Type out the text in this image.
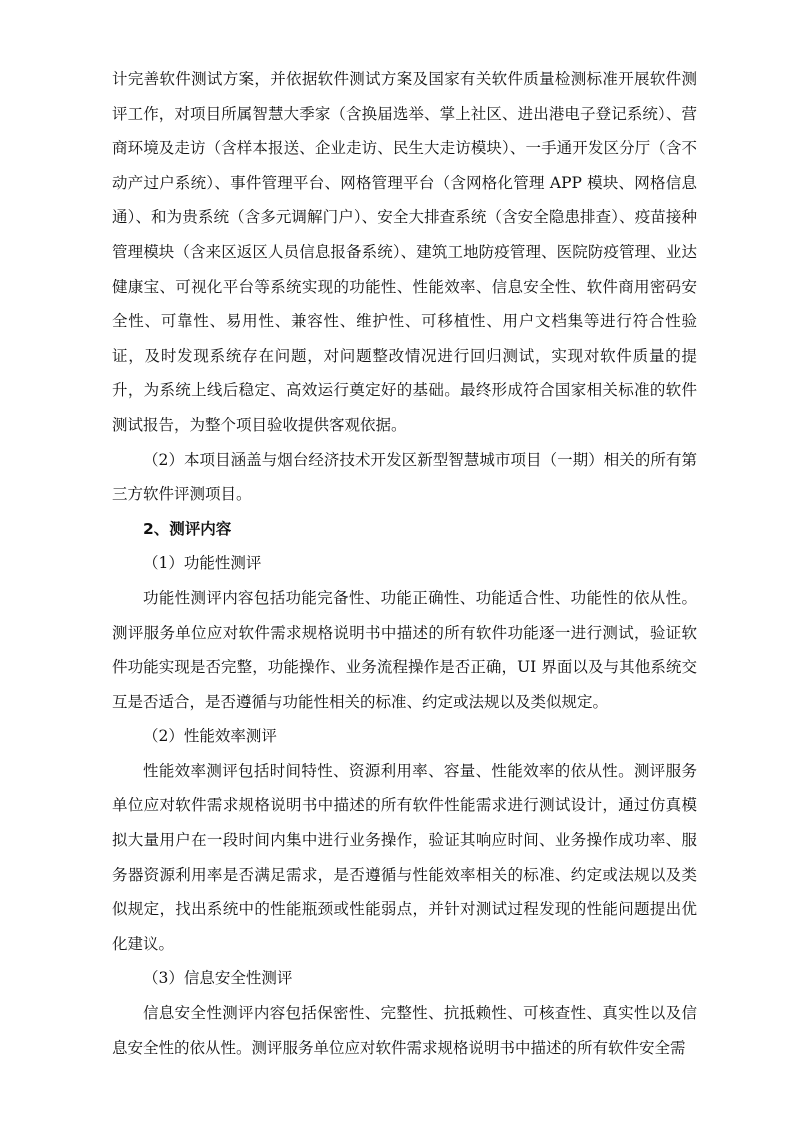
计完善软件测试方案，并依据软件测试方案及国家有关软件质量检测标准开展软件测评工作，对项目所属智慧大季家（含换届选举、掌上社区、进出港电子登记系统）、营商环境及走访（含样本报送、企业走访、民生大走访模块）、一手通开发区分厅（含不动产过户系统）、事件管理平台、网格管理平台（含网格化管理 APP 模块、网格信息通）、和为贵系统（含多元调解门户）、安全大排查系统（含安全隐患排查）、疫苗接种管理模块（含来区返区人员信息报备系统）、建筑工地防疫管理、医院防疫管理、业达健康宝、可视化平台等系统实现的功能性、性能效率、信息安全性、软件商用密码安全性、可靠性、易用性、兼容性、维护性、可移植性、用户文档集等进行符合性验证，及时发现系统存在问题，对问题整改情况进行回归测试，实现对软件质量的提升，为系统上线后稳定、高效运行奠定好的基础。最终形成符合国家相关标准的软件测试报告，为整个项目验收提供客观依据。

（2）本项目涵盖与烟台经济技术开发区新型智慧城市项目（一期）相关的所有第三方软件评测项目。

2、测评内容

（1）功能性测评

功能性测评内容包括功能完备性、功能正确性、功能适合性、功能性的依从性。测评服务单位应对软件需求规格说明书中描述的所有软件功能逐一进行测试，验证软件功能实现是否完整，功能操作、业务流程操作是否正确，UI 界面以及与其他系统交互是否适合，是否遵循与功能性相关的标准、约定或法规以及类似规定。

（2）性能效率测评

性能效率测评包括时间特性、资源利用率、容量、性能效率的依从性。测评服务单位应对软件需求规格说明书中描述的所有软件性能需求进行测试设计，通过仿真模拟大量用户在一段时间内集中进行业务操作，验证其响应时间、业务操作成功率、服务器资源利用率是否满足需求，是否遵循与性能效率相关的标准、约定或法规以及类似规定，找出系统中的性能瓶颈或性能弱点，并针对测试过程发现的性能问题提出优化建议。

（3）信息安全性测评

信息安全性测评内容包括保密性、完整性、抗抵赖性、可核查性、真实性以及信息安全性的依从性。测评服务单位应对软件需求规格说明书中描述的所有软件安全需
